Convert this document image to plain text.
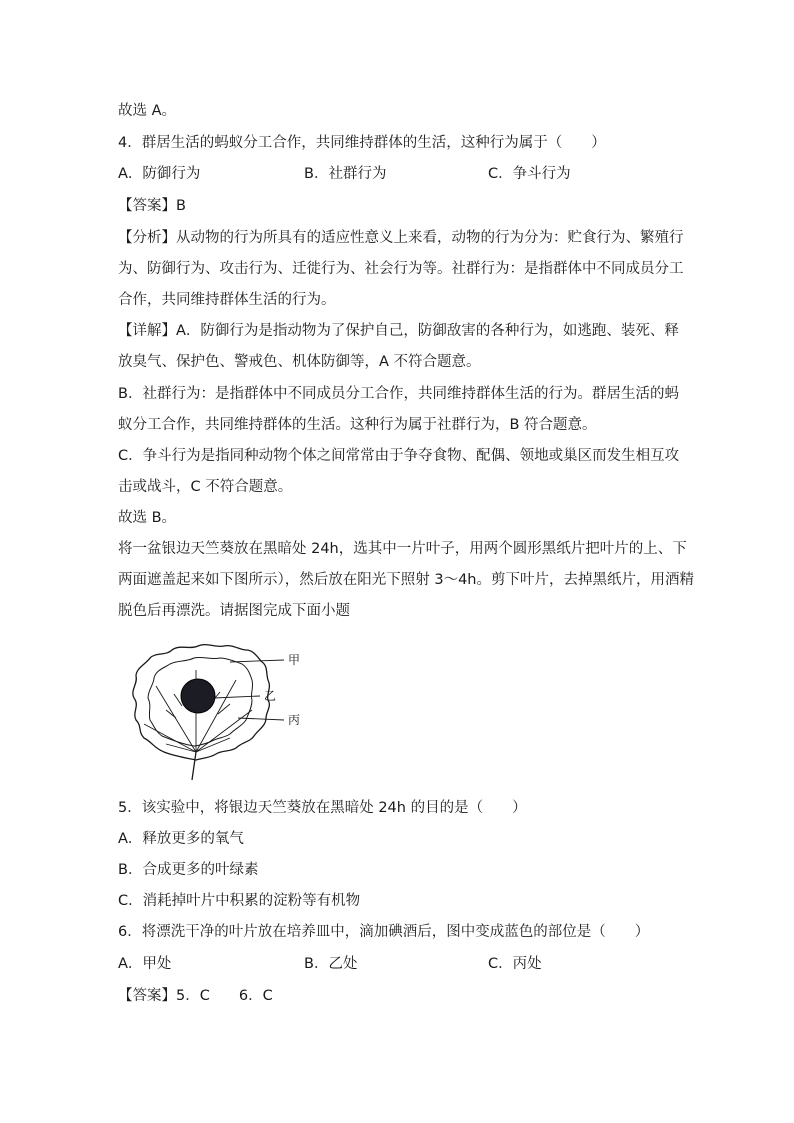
故选 A。
4．群居生活的蚂蚁分工合作，共同维持群体的生活，这种行为属于（　　）
A．防御行为	B．社群行为	C．争斗行为
【答案】B
【分析】从动物的行为所具有的适应性意义上来看，动物的行为分为：贮食行为、繁殖行
为、防御行为、攻击行为、迁徙行为、社会行为等。社群行为：是指群体中不同成员分工
合作，共同维持群体生活的行为。
【详解】A．防御行为是指动物为了保护自己，防御敌害的各种行为，如逃跑、装死、释
放臭气、保护色、警戒色、机体防御等，A 不符合题意。
B．社群行为：是指群体中不同成员分工合作，共同维持群体生活的行为。群居生活的蚂
蚁分工合作，共同维持群体的生活。这种行为属于社群行为，B 符合题意。
C．争斗行为是指同种动物个体之间常常由于争夺食物、配偶、领地或巢区而发生相互攻
击或战斗，C 不符合题意。
故选 B。
将一盆银边天竺葵放在黑暗处 24h，选其中一片叶子，用两个圆形黑纸片把叶片的上、下
两面遮盖起来如下图所示），然后放在阳光下照射 3～4h。剪下叶片，去掉黑纸片，用酒精
脱色后再漂洗。请据图完成下面小题
甲
乙
丙
5．该实验中，将银边天竺葵放在黑暗处 24h 的目的是（　　）
A．释放更多的氧气
B．合成更多的叶绿素
C．消耗掉叶片中积累的淀粉等有机物
6．将漂洗干净的叶片放在培养皿中，滴加碘酒后，图中变成蓝色的部位是（　　）
A．甲处	B．乙处	C．丙处
【答案】5．C　　6．C
